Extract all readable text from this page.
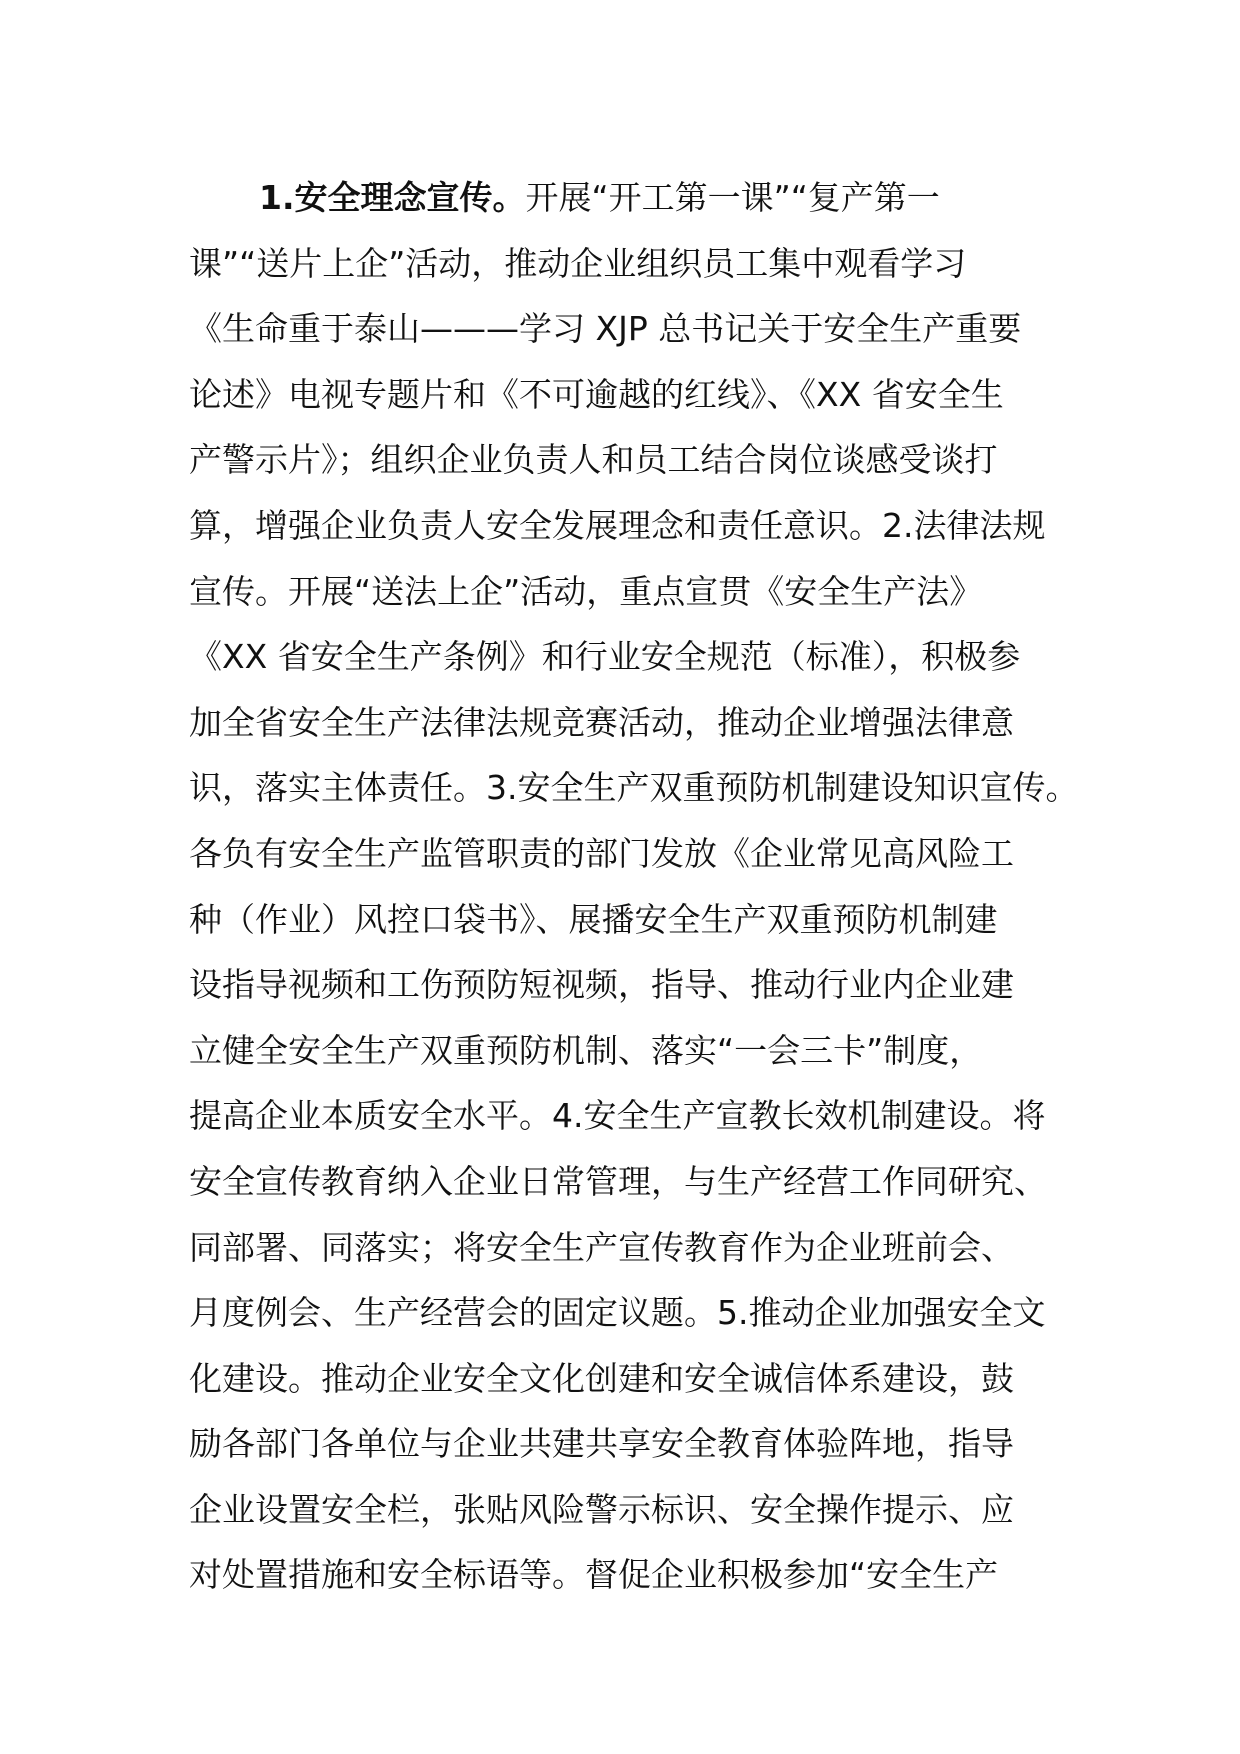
1.安全理念宣传。开展“开工第一课”“复产第一
课”“送片上企”活动，推动企业组织员工集中观看学习
《生命重于泰山———学习 XJP 总书记关于安全生产重要
论述》电视专题片和《不可逾越的红线》、《XX 省安全生
产警示片》；组织企业负责人和员工结合岗位谈感受谈打
算，增强企业负责人安全发展理念和责任意识。2.法律法规
宣传。开展“送法上企”活动，重点宣贯《安全生产法》
《XX 省安全生产条例》和行业安全规范（标准），积极参
加全省安全生产法律法规竞赛活动，推动企业增强法律意
识，落实主体责任。3.安全生产双重预防机制建设知识宣传。
各负有安全生产监管职责的部门发放《企业常见高风险工
种（作业）风控口袋书》、展播安全生产双重预防机制建
设指导视频和工伤预防短视频，指导、推动行业内企业建
立健全安全生产双重预防机制、落实“一会三卡”制度，
提高企业本质安全水平。4.安全生产宣教长效机制建设。将
安全宣传教育纳入企业日常管理，与生产经营工作同研究、
同部署、同落实；将安全生产宣传教育作为企业班前会、
月度例会、生产经营会的固定议题。5.推动企业加强安全文
化建设。推动企业安全文化创建和安全诚信体系建设，鼓
励各部门各单位与企业共建共享安全教育体验阵地，指导
企业设置安全栏，张贴风险警示标识、安全操作提示、应
对处置措施和安全标语等。督促企业积极参加“安全生产
